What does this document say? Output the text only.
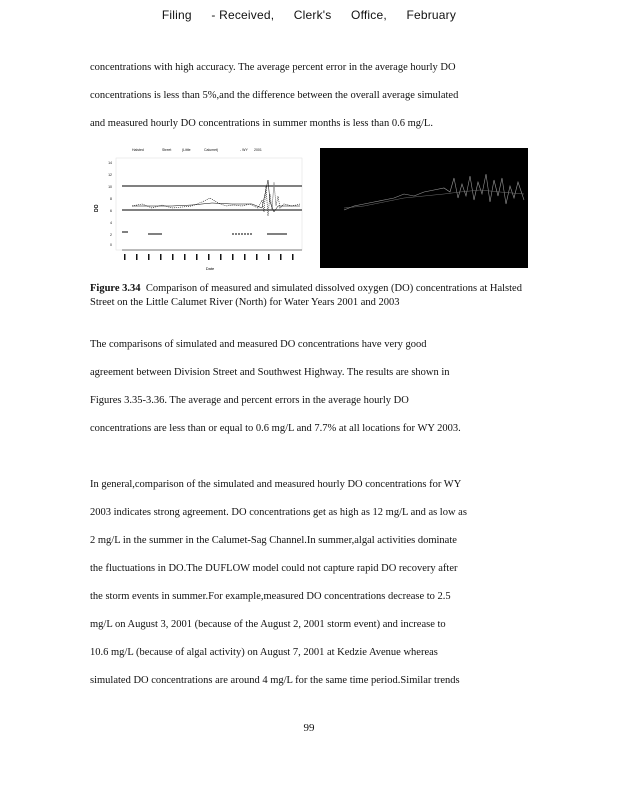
Filing - Received, Clerk's Office, February
concentrations with high accuracy. The average percent error in the average hourly DO
concentrations is less than 5%,and the difference between the overall average simulated
and measured hourly DO concentrations in summer months is less than 0.6 mg/L.
Halsted	Street	(Little	Calumet)	- WY 2001
14
12
10
8
6
4
2
0
DO
Date
Figure 3.34 Comparison of measured and simulated dissolved oxygen (DO) concentrations at Halsted Street on the Little Calumet River (North) for Water Years 2001 and 2003
The comparisons of simulated and measured DO concentrations have very good
agreement between Division Street and Southwest Highway. The results are shown in
Figures 3.35-3.36. The average and percent errors in the average hourly DO
concentrations are less than or equal to 0.6 mg/L and 7.7% at all locations for WY 2003.
In general,comparison of the simulated and measured hourly DO concentrations for WY
2003 indicates strong agreement. DO concentrations get as high as 12 mg/L and as low as
2 mg/L in the summer in the Calumet-Sag Channel.In summer,algal activities dominate
the fluctuations in DO.The DUFLOW model could not capture rapid DO recovery after
the storm events in summer.For example,measured DO concentrations decrease to 2.5
mg/L on August 3, 2001 (because of the August 2, 2001 storm event) and increase to
10.6 mg/L (because of algal activity) on August 7, 2001 at Kedzie Avenue whereas
simulated DO concentrations are around 4 mg/L for the same time period.Similar trends
99
